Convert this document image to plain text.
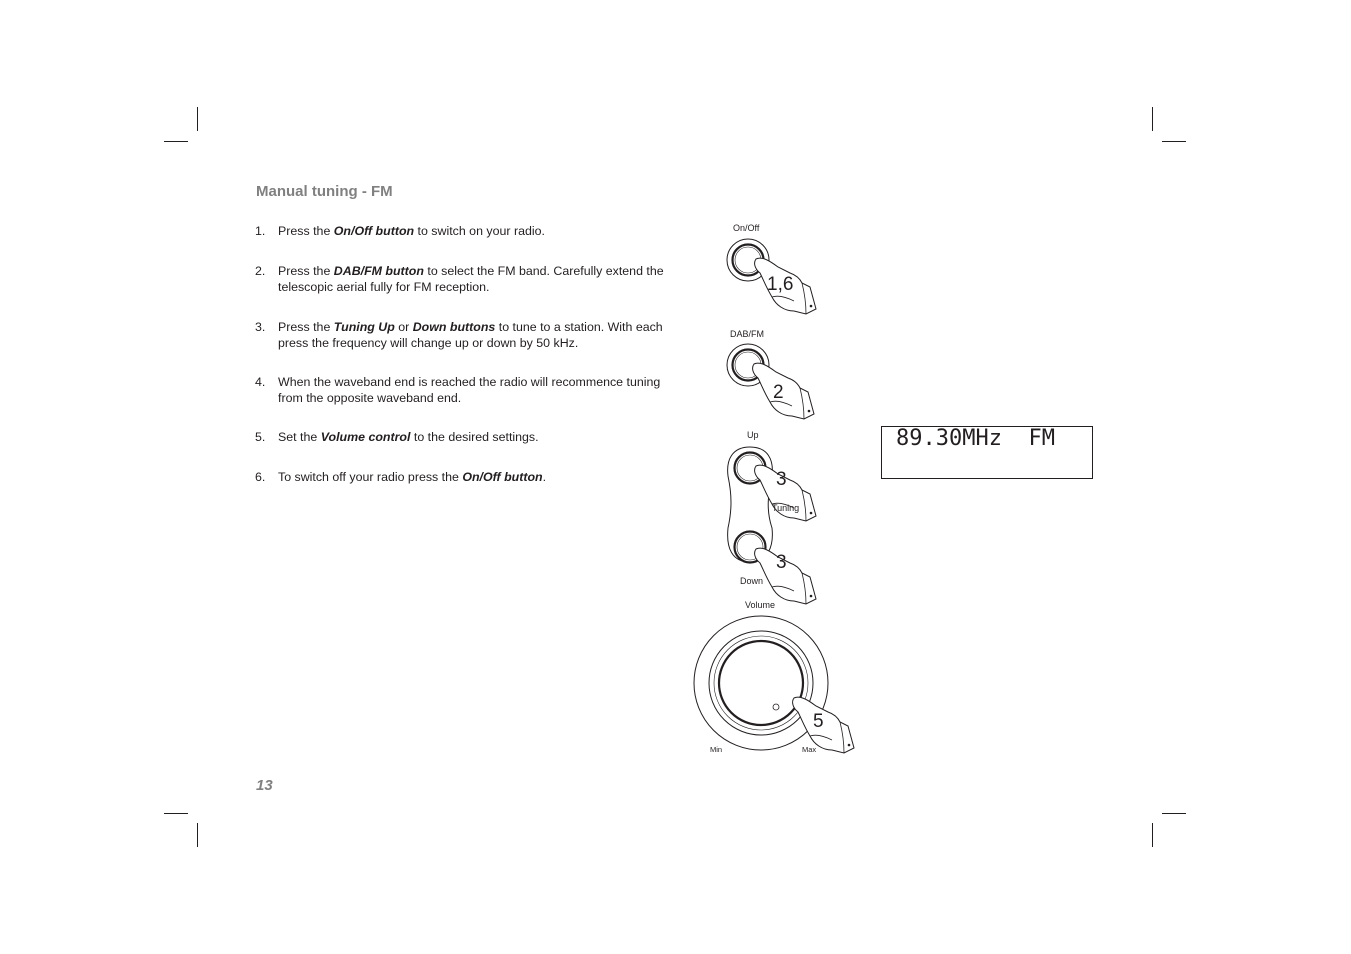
Manual tuning - FM
1. Press the On/Off button to switch on your radio.
2. Press the DAB/FM button to select the FM band. Carefully extend the telescopic aerial fully for FM reception.
3. Press the Tuning Up or Down buttons to tune to a station. With each press the frequency will change up or down by 50 kHz.
4. When the waveband end is reached the radio will recommence tuning from the opposite waveband end.
5. Set the Volume control to the desired settings.
6. To switch off your radio press the On/Off button.
13
89.30MHz  FM
On/Off
1,6
DAB/FM
2
Up
3
3
Tuning
Down
Volume
5
Min	Max
